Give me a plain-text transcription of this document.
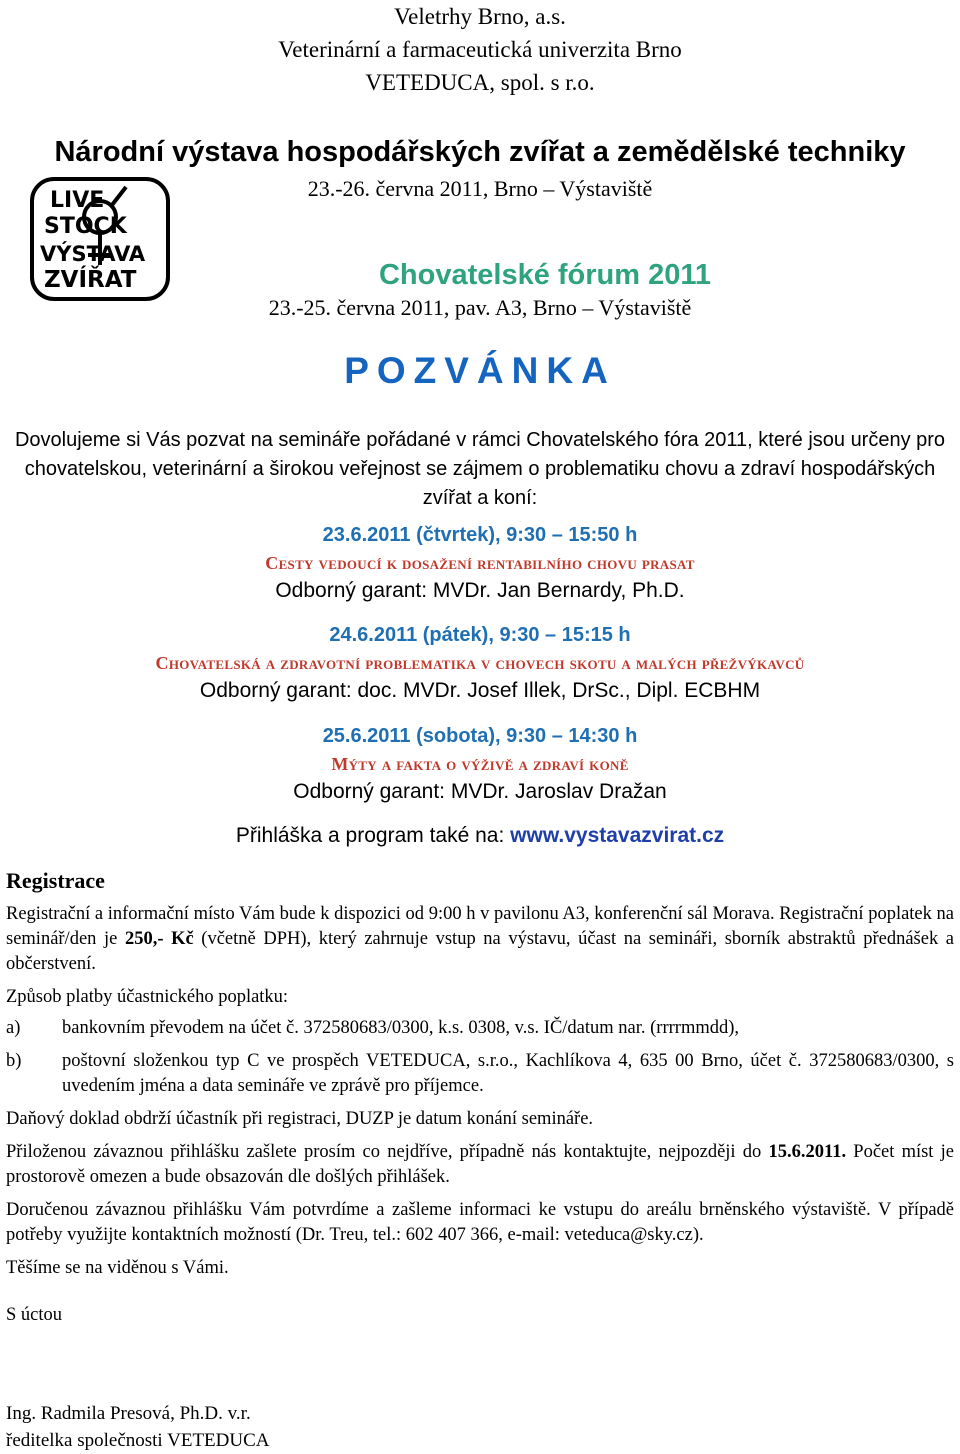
Veletrhy Brno, a.s.
Veterinární a farmaceutická univerzita Brno
VETEDUCA, spol. s r.o.
Národní výstava hospodářských zvířat a zemědělské techniky
23.-26. června 2011, Brno – Výstaviště
LIVE
STOCK
VÝSTAVA
ZVÍŘAT	Chovatelské fórum 2011
23.-25. června 2011, pav. A3, Brno – Výstaviště
POZVÁNKA
Dovolujeme si Vás pozvat na semináře pořádané v rámci Chovatelského fóra 2011, které jsou určeny pro chovatelskou, veterinární a širokou veřejnost se zájmem o problematiku chovu a zdraví hospodářských zvířat a koní:
23.6.2011 (čtvrtek), 9:30 – 15:50 h
Cesty vedoucí k dosažení rentabilního chovu prasat
Odborný garant: MVDr. Jan Bernardy, Ph.D.
24.6.2011 (pátek), 9:30 – 15:15 h
Chovatelská a zdravotní problematika v chovech skotu a malých přežvýkavců
Odborný garant: doc. MVDr. Josef Illek, DrSc., Dipl. ECBHM
25.6.2011 (sobota), 9:30 – 14:30 h
Mýty a fakta o výživě a zdraví koně
Odborný garant: MVDr. Jaroslav Dražan
Přihláška a program také na: www.vystavazvirat.cz
Registrace

Registrační a informační místo Vám bude k dispozici od 9:00 h v pavilonu A3, konferenční sál Morava. Registrační poplatek na seminář/den je 250,- Kč (včetně DPH), který zahrnuje vstup na výstavu, účast na semináři, sborník abstraktů přednášek a občerstvení.

Způsob platby účastnického poplatku:

a)	bankovním převodem na účet č. 372580683/0300, k.s. 0308, v.s. IČ/datum nar. (rrrrmmdd),
b)	poštovní složenkou typ C ve prospěch VETEDUCA, s.r.o., Kachlíkova 4, 635 00 Brno, účet č. 372580683/0300, s uvedením jména a data semináře ve zprávě pro příjemce.

Daňový doklad obdrží účastník při registraci, DUZP je datum konání semináře.

Přiloženou závaznou přihlášku zašlete prosím co nejdříve, případně nás kontaktujte, nejpozději do 15.6.2011. Počet míst je prostorově omezen a bude obsazován dle došlých přihlášek.

Doručenou závaznou přihlášku Vám potvrdíme a zašleme informaci ke vstupu do areálu brněnského výstaviště. V případě potřeby využijte kontaktních možností (Dr. Treu, tel.: 602 407 366, e-mail: veteduca@sky.cz).

Těšíme se na viděnou s Vámi.

S úctou

Ing. Radmila Presová, Ph.D. v.r.
ředitelka společnosti VETEDUCA
